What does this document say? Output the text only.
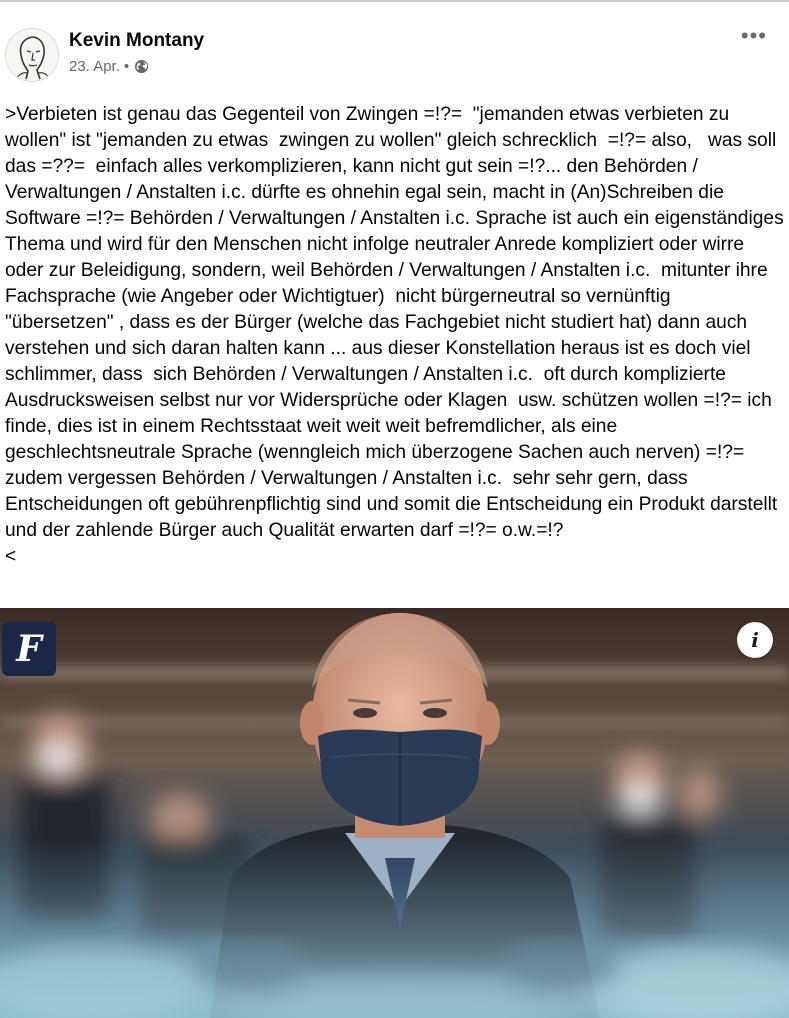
Kevin Montany
23. Apr. •
•••
>Verbieten ist genau das Gegenteil von Zwingen =!?=  "jemanden etwas verbieten zu wollen" ist "jemanden zu etwas  zwingen zu wollen" gleich schrecklich  =!?= also,   was soll das =??=  einfach alles verkomplizieren, kann nicht gut sein =!?... den Behörden / Verwaltungen / Anstalten i.c. dürfte es ohnehin egal sein, macht in (An)Schreiben die Software =!?= Behörden / Verwaltungen / Anstalten i.c. Sprache ist auch ein eigenständiges Thema und wird für den Menschen nicht infolge neutraler Anrede kompliziert oder wirre oder zur Beleidigung, sondern, weil Behörden / Verwaltungen / Anstalten i.c.  mitunter ihre Fachsprache (wie Angeber oder Wichtigtuer)  nicht bürgerneutral so vernünftig  "übersetzen" , dass es der Bürger (welche das Fachgebiet nicht studiert hat) dann auch verstehen und sich daran halten kann ... aus dieser Konstellation heraus ist es doch viel schlimmer, dass  sich Behörden / Verwaltungen / Anstalten i.c.  oft durch komplizierte Ausdrucksweisen selbst nur vor Widersprüche oder Klagen  usw. schützen wollen =!?= ich finde, dies ist in einem Rechtsstaat weit weit weit befremdlicher, als eine geschlechtsneutrale Sprache (wenngleich mich überzogene Sachen auch nerven) =!?= zudem vergessen Behörden / Verwaltungen / Anstalten i.c.  sehr sehr gern, dass Entscheidungen oft gebührenpflichtig sind und somit die Entscheidung ein Produkt darstellt und der zahlende Bürger auch Qualität erwarten darf =!?= o.w.=!?
<
F	i
